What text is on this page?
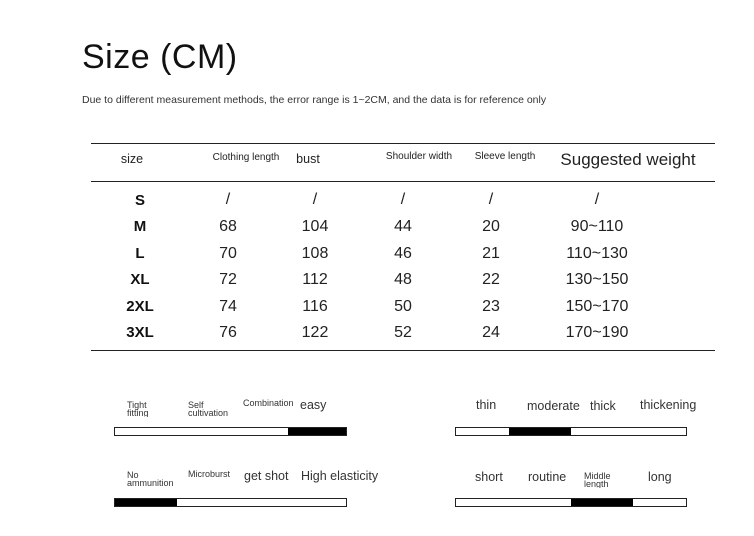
Size (CM)
Due to different measurement methods, the error range is 1~2CM, and the data is for reference only
size	Clothing length	bust	Shoulder width	Sleeve length	Suggested weight
S	/	/	/	/	/
M	68	104	44	20	90~110
L	70	108	46	21	110~130
XL	72	112	48	22	130~150
2XL	74	116	50	23	150~170
3XL	76	122	52	24	170~190
Tight fitting
Self cultivation
Combination easy	thin moderate thick thickening
No ammunition
Microburst	get shot High elasticity	short routine Middle length	long
